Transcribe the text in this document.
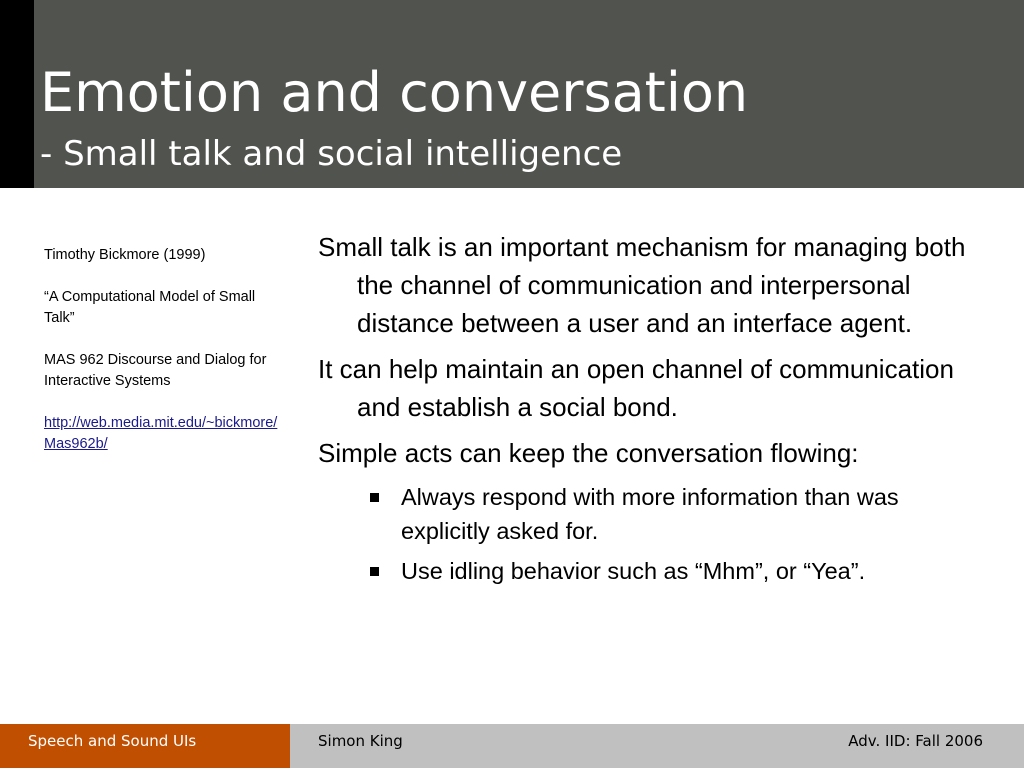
Emotion and conversation
- Small talk and social intelligence

Timothy Bickmore (1999)

“A Computational Model of Small Talk”

MAS 962 Discourse and Dialog for Interactive Systems

http://web.media.mit.edu/~bickmore/Mas962b/

Small talk is an important mechanism for managing both the channel of communication and interpersonal distance between a user and an interface agent.

It can help maintain an open channel of communication and establish a social bond.

Simple acts can keep the conversation flowing:

Always respond with more information than was explicitly asked for.
Use idling behavior such as “Mhm”, or “Yea”.
Speech and Sound UIs	Simon King	Adv. IID: Fall 2006
